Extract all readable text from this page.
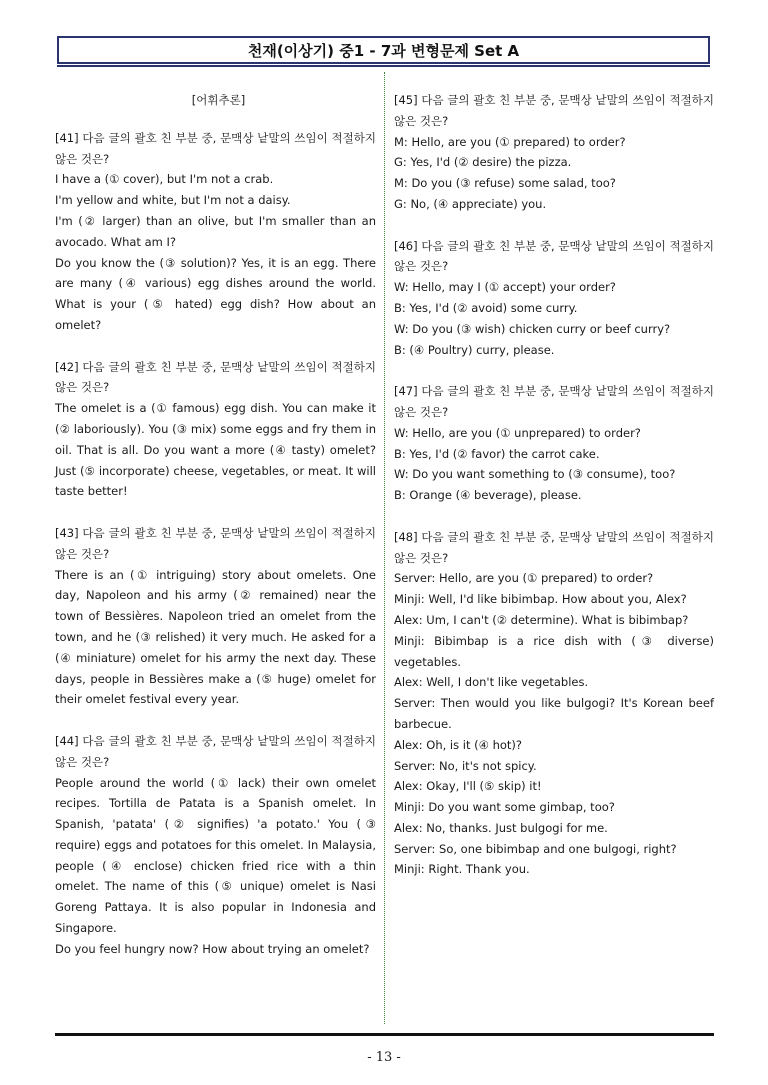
천재(이상기) 중1 - 7과 변형문제 Set A
[어휘추론]
[41] 다음 글의 괄호 친 부분 중, 문맥상 낱말의 쓰임이 적절하지 않은 것은?
I have a (① cover), but I'm not a crab.
I'm yellow and white, but I'm not a daisy.
I'm (② larger) than an olive, but I'm smaller than an avocado. What am I?
Do you know the (③ solution)? Yes, it is an egg. There are many (④ various) egg dishes around the world. What is your (⑤ hated) egg dish? How about an omelet?
[42] 다음 글의 괄호 친 부분 중, 문맥상 낱말의 쓰임이 적절하지 않은 것은?
The omelet is a (① famous) egg dish. You can make it (② laboriously). You (③ mix) some eggs and fry them in oil. That is all. Do you want a more (④ tasty) omelet? Just (⑤ incorporate) cheese, vegetables, or meat. It will taste better!
[43] 다음 글의 괄호 친 부분 중, 문맥상 낱말의 쓰임이 적절하지 않은 것은?
There is an (① intriguing) story about omelets. One day, Napoleon and his army (② remained) near the town of Bessières. Napoleon tried an omelet from the town, and he (③ relished) it very much. He asked for a (④ miniature) omelet for his army the next day. These days, people in Bessières make a (⑤ huge) omelet for their omelet festival every year.
[44] 다음 글의 괄호 친 부분 중, 문맥상 낱말의 쓰임이 적절하지 않은 것은?
People around the world (① lack) their own omelet recipes. Tortilla de Patata is a Spanish omelet. In Spanish, 'patata' (② signifies) 'a potato.' You (③ require) eggs and potatoes for this omelet. In Malaysia, people (④ enclose) chicken fried rice with a thin omelet. The name of this (⑤ unique) omelet is Nasi Goreng Pattaya. It is also popular in Indonesia and Singapore.
Do you feel hungry now? How about trying an omelet?
[45] 다음 글의 괄호 친 부분 중, 문맥상 낱말의 쓰임이 적절하지 않은 것은?
M: Hello, are you (① prepared) to order?
G: Yes, I'd (② desire) the pizza.
M: Do you (③ refuse) some salad, too?
G: No, (④ appreciate) you.
[46] 다음 글의 괄호 친 부분 중, 문맥상 낱말의 쓰임이 적절하지 않은 것은?
W: Hello, may I (① accept) your order?
B: Yes, I'd (② avoid) some curry.
W: Do you (③ wish) chicken curry or beef curry?
B: (④ Poultry) curry, please.
[47] 다음 글의 괄호 친 부분 중, 문맥상 낱말의 쓰임이 적절하지 않은 것은?
W: Hello, are you (① unprepared) to order?
B: Yes, I'd (② favor) the carrot cake.
W: Do you want something to (③ consume), too?
B: Orange (④ beverage), please.
[48] 다음 글의 괄호 친 부분 중, 문맥상 낱말의 쓰임이 적절하지 않은 것은?
Server: Hello, are you (① prepared) to order?
Minji: Well, I'd like bibimbap. How about you, Alex?
Alex: Um, I can't (② determine). What is bibimbap?
Minji: Bibimbap is a rice dish with (③ diverse) vegetables.
Alex: Well, I don't like vegetables.
Server: Then would you like bulgogi? It's Korean beef barbecue.
Alex: Oh, is it (④ hot)?
Server: No, it's not spicy.
Alex: Okay, I'll (⑤ skip) it!
Minji: Do you want some gimbap, too?
Alex: No, thanks. Just bulgogi for me.
Server: So, one bibimbap and one bulgogi, right?
Minji: Right. Thank you.
- 13 -
